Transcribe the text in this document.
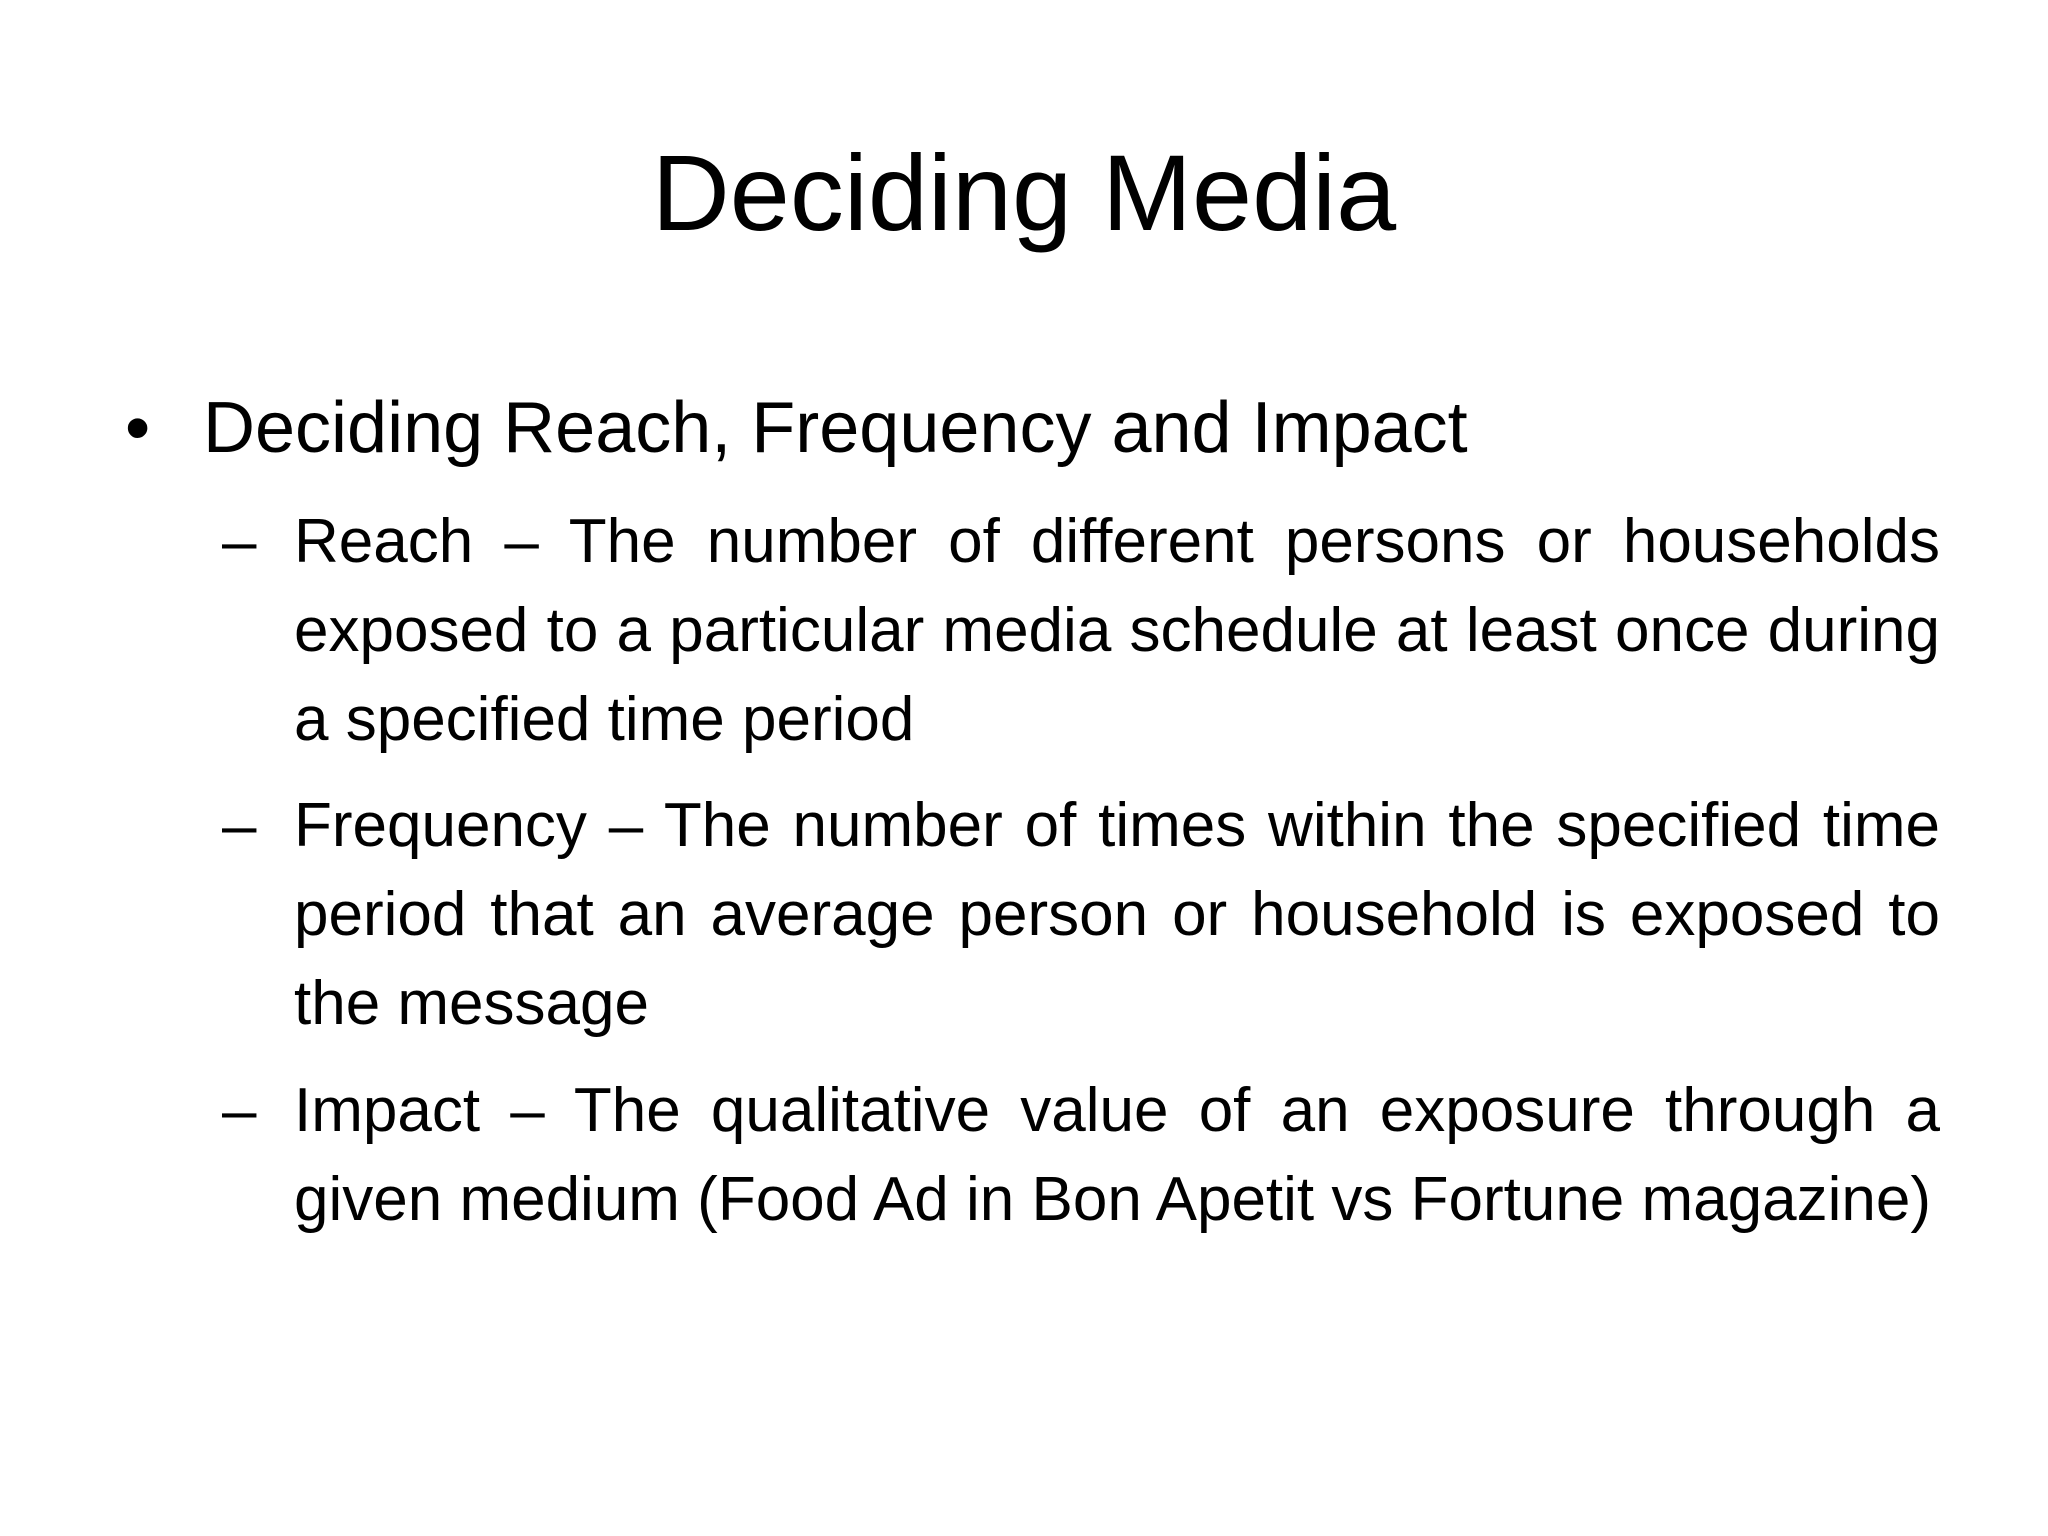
Deciding Media
• Deciding Reach, Frequency and Impact
– Reach – The number of different persons or households exposed to a particular media schedule at least once during a specified time period
– Frequency – The number of times within the specified time period that an average person or household is exposed to the message
– Impact – The qualitative value of an exposure through a given medium (Food Ad in Bon Apetit vs Fortune magazine)
